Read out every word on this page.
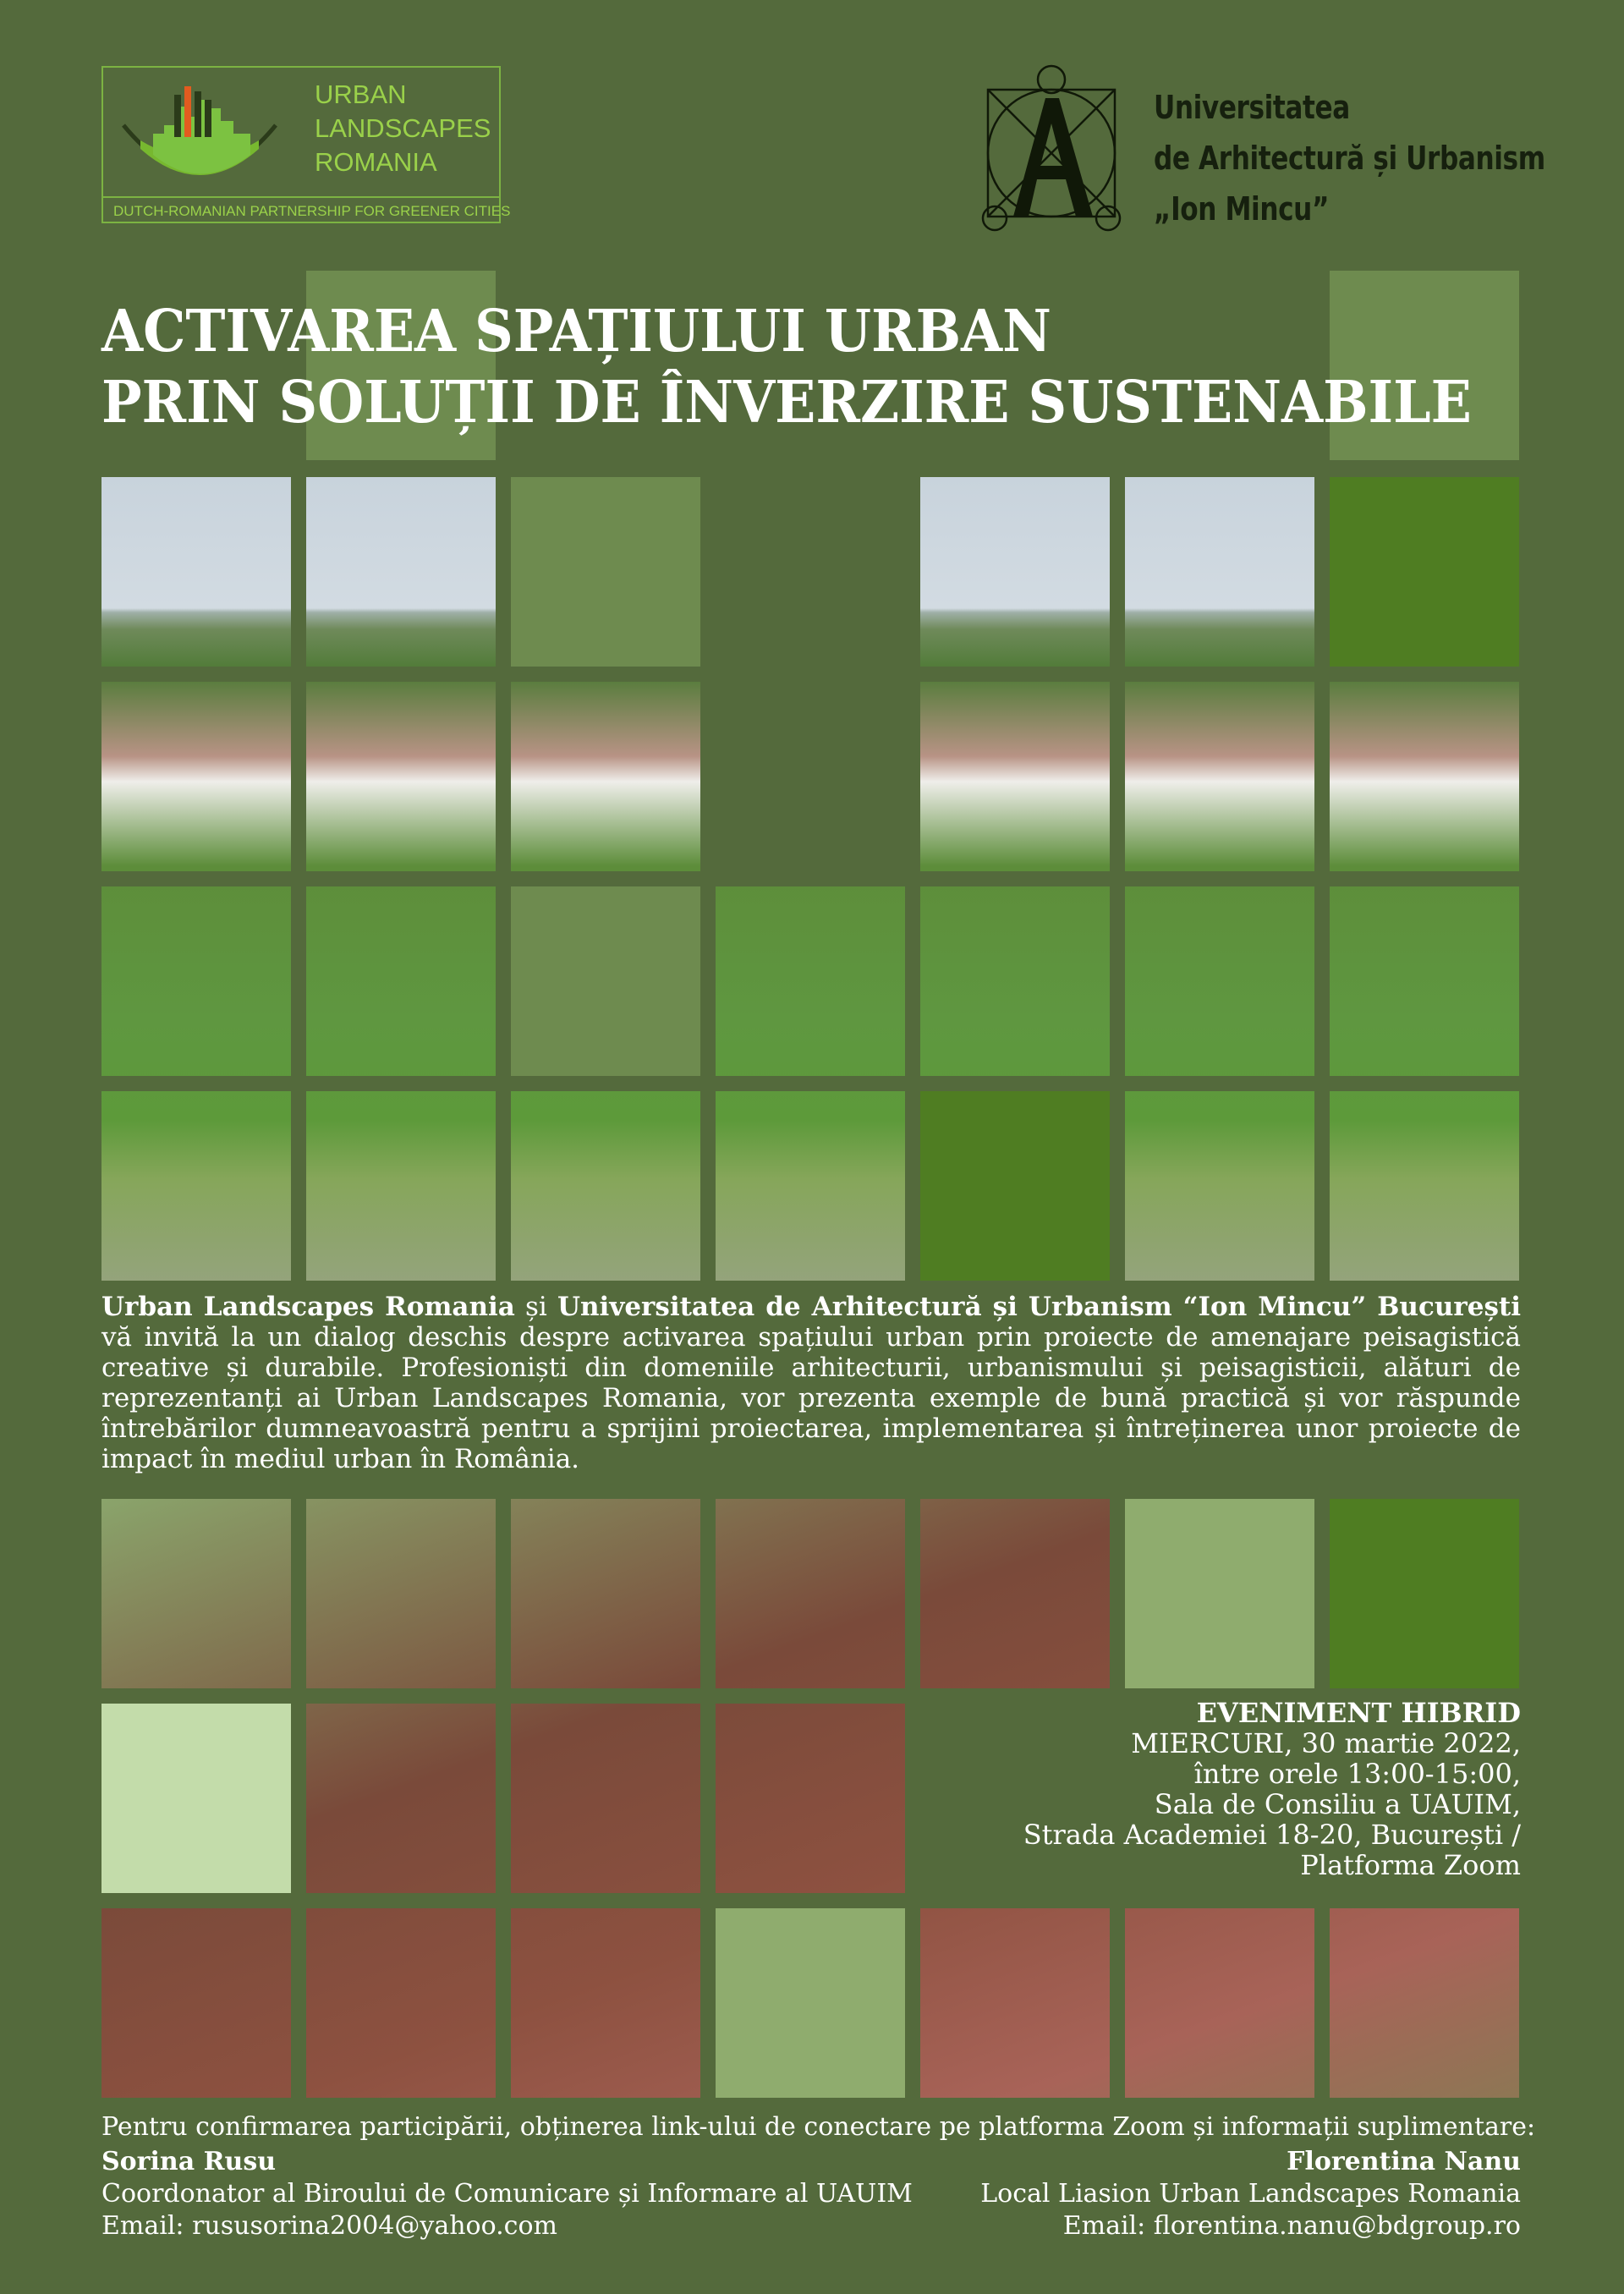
URBAN
LANDSCAPES
ROMANIA
DUTCH-ROMANIAN PARTNERSHIP FOR GREENER CITIES
Universitatea
de Arhitectură și Urbanism
„Ion Mincu”
ACTIVAREA SPAȚIULUI URBAN
PRIN SOLUȚII DE ÎNVERZIRE SUSTENABILE
Urban Landscapes Romania și Universitatea de Arhitectură și Urbanism “Ion Mincu” București vă invită la un dialog deschis despre activarea spațiului urban prin proiecte de amenajare peisagistică creative și durabile. Profesioniști din domeniile arhitecturii, urbanismului și peisagisticii, alături de reprezentanți ai Urban Landscapes Romania, vor prezenta exemple de bună practică și vor răspunde întrebărilor dumneavoastră pentru a sprijini proiectarea, implementarea și întreținerea unor proiecte de impact în mediul urban în România.
EVENIMENT HIBRID
MIERCURI, 30 martie 2022,
între orele 13:00-15:00,
Sala de Consiliu a UAUIM,
Strada Academiei 18-20, București /
Platforma Zoom
Pentru confirmarea participării, obținerea link-ului de conectare pe platforma Zoom și informații suplimentare:
Sorina Rusu
Coordonator al Biroului de Comunicare și Informare al UAUIM
Email: rususorina2004@yahoo.com
Florentina Nanu
Local Liasion Urban Landscapes Romania
Email: florentina.nanu@bdgroup.ro
